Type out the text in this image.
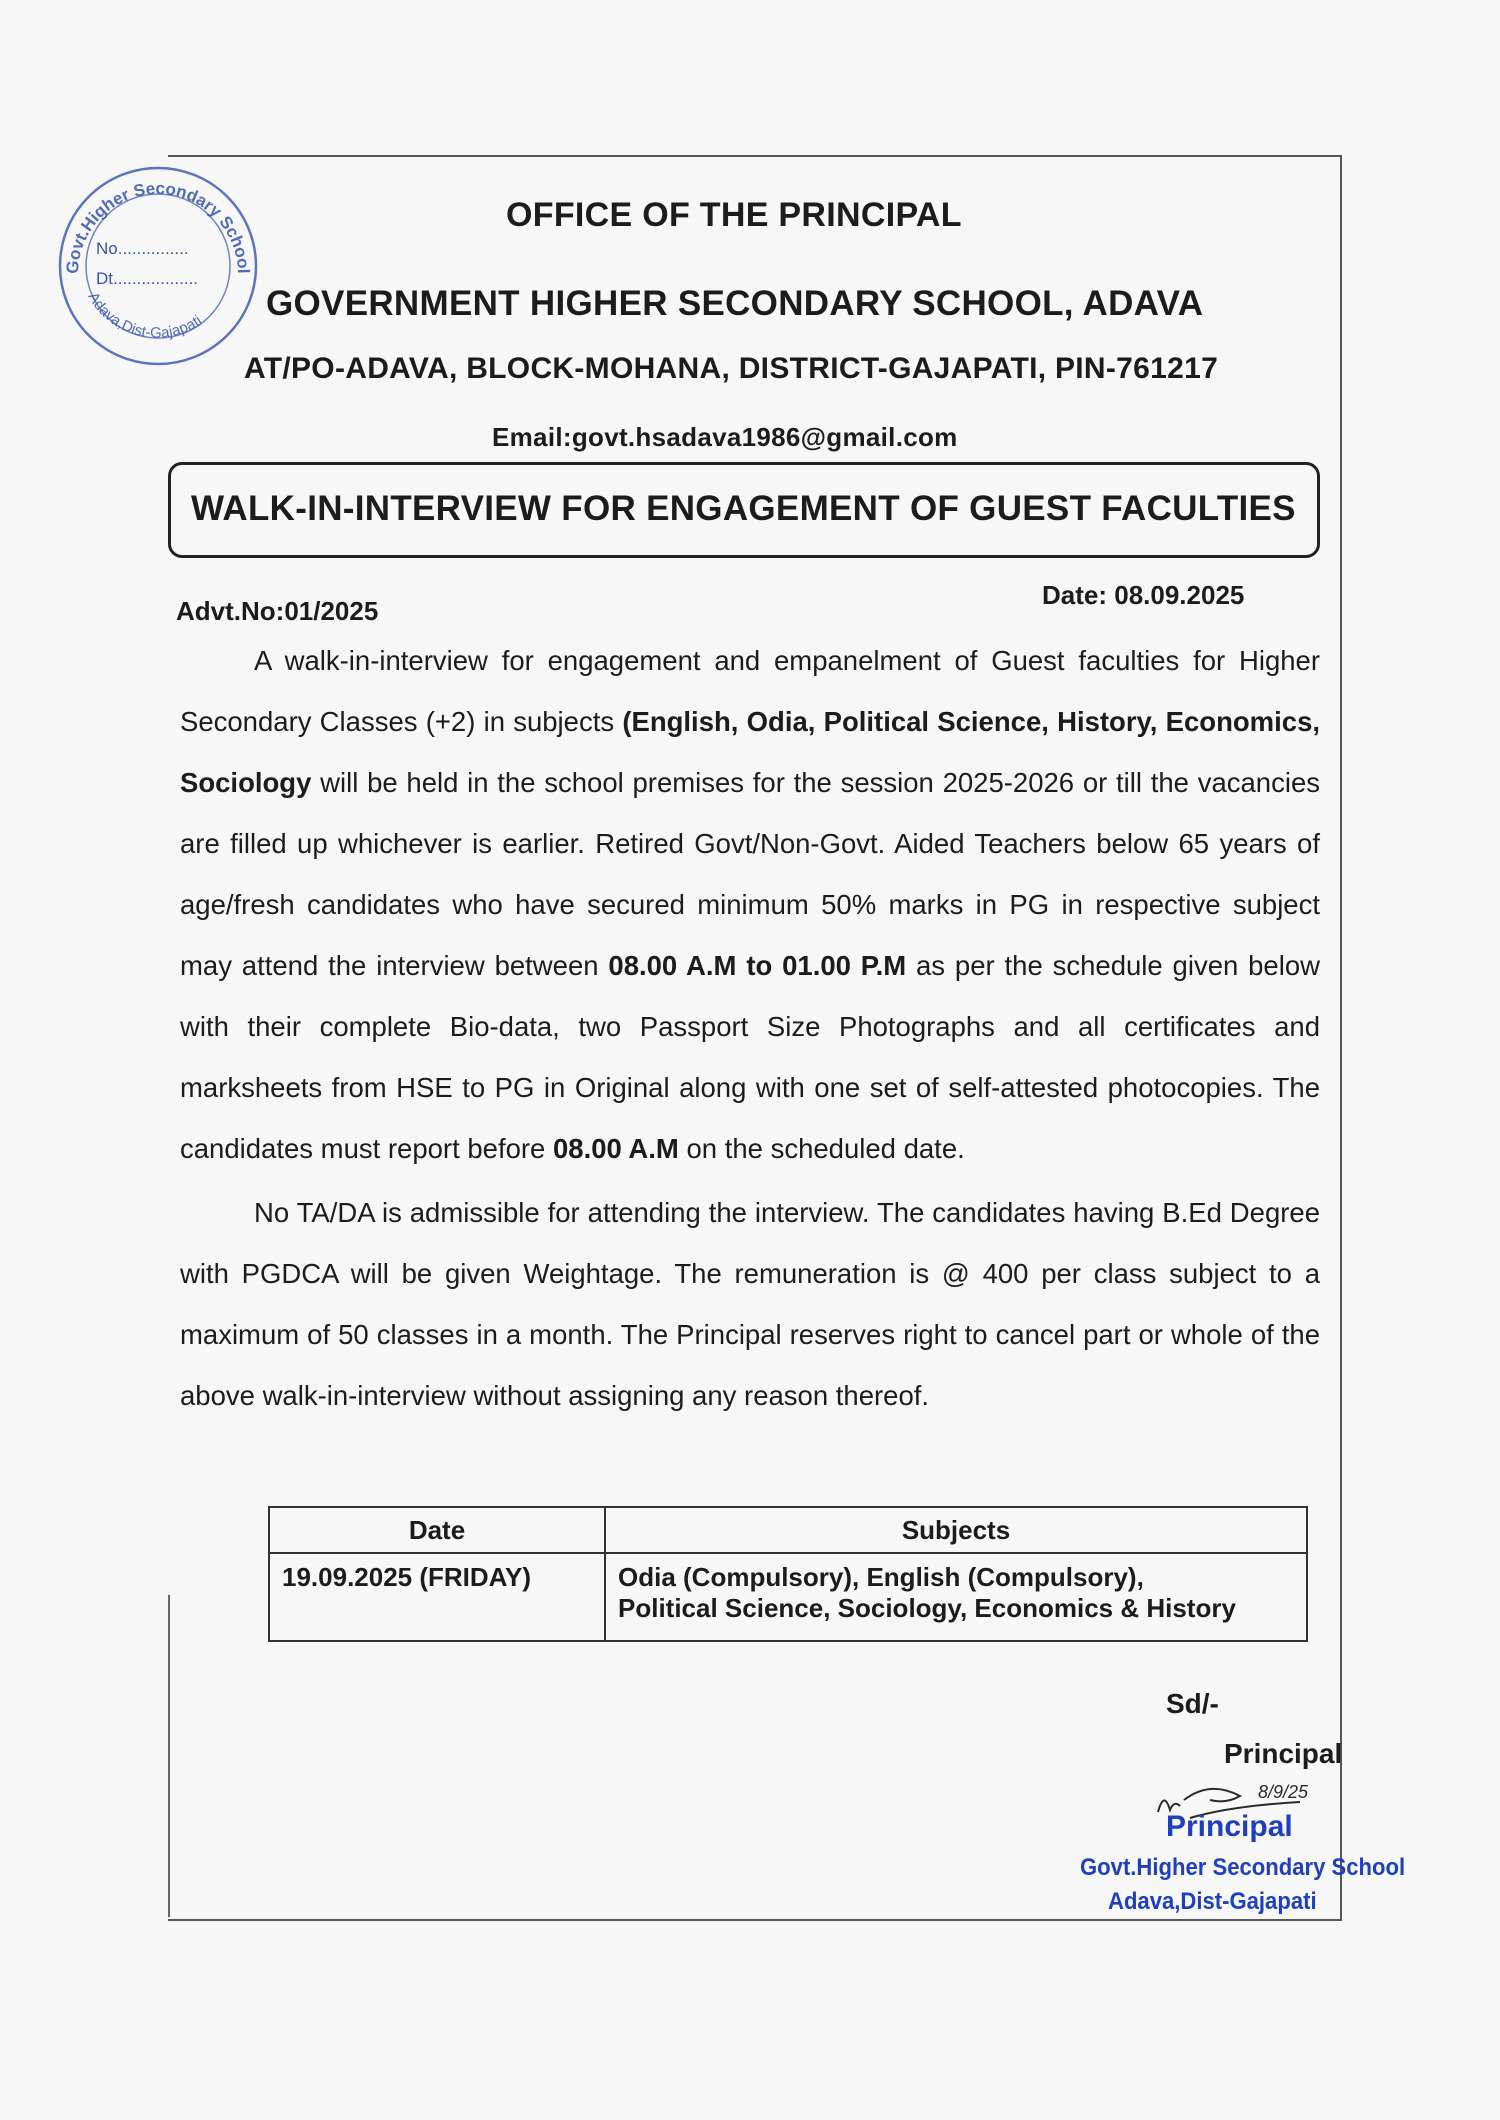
Govt.Higher Secondary School
Adava,Dist-Gajapati
No...............
Dt..................
OFFICE OF THE PRINCIPAL
GOVERNMENT HIGHER SECONDARY SCHOOL, ADAVA
AT/PO-ADAVA, BLOCK-MOHANA, DISTRICT-GAJAPATI, PIN-761217
Email:govt.hsadava1986@gmail.com
WALK-IN-INTERVIEW FOR ENGAGEMENT OF GUEST FACULTIES
Advt.No:01/2025
Date: 08.09.2025

A walk-in-interview for engagement and empanelment of Guest faculties for Higher Secondary Classes (+2) in subjects (English, Odia, Political Science, History, Economics, Sociology will be held in the school premises for the session 2025-2026 or till the vacancies are filled up whichever is earlier. Retired Govt/Non-Govt. Aided Teachers below 65 years of age/fresh candidates who have secured minimum 50% marks in PG in respective subject may attend the interview between 08.00 A.M to 01.00 P.M as per the schedule given below with their complete Bio-data, two Passport Size Photographs and all certificates and marksheets from HSE to PG in Original along with one set of self-attested photocopies. The candidates must report before 08.00 A.M on the scheduled date.

No TA/DA is admissible for attending the interview. The candidates having B.Ed Degree with PGDCA will be given Weightage. The remuneration is @ 400 per class subject to a maximum of 50 classes in a month. The Principal reserves right to cancel part or whole of the above walk-in-interview without assigning any reason thereof.

Date	Subjects
19.09.2025 (FRIDAY)	Odia (Compulsory), English (Compulsory),
Political Science, Sociology, Economics & History
Sd/-
Principal
8/9/25
Principal
Govt.Higher Secondary School
Adava,Dist-Gajapati
